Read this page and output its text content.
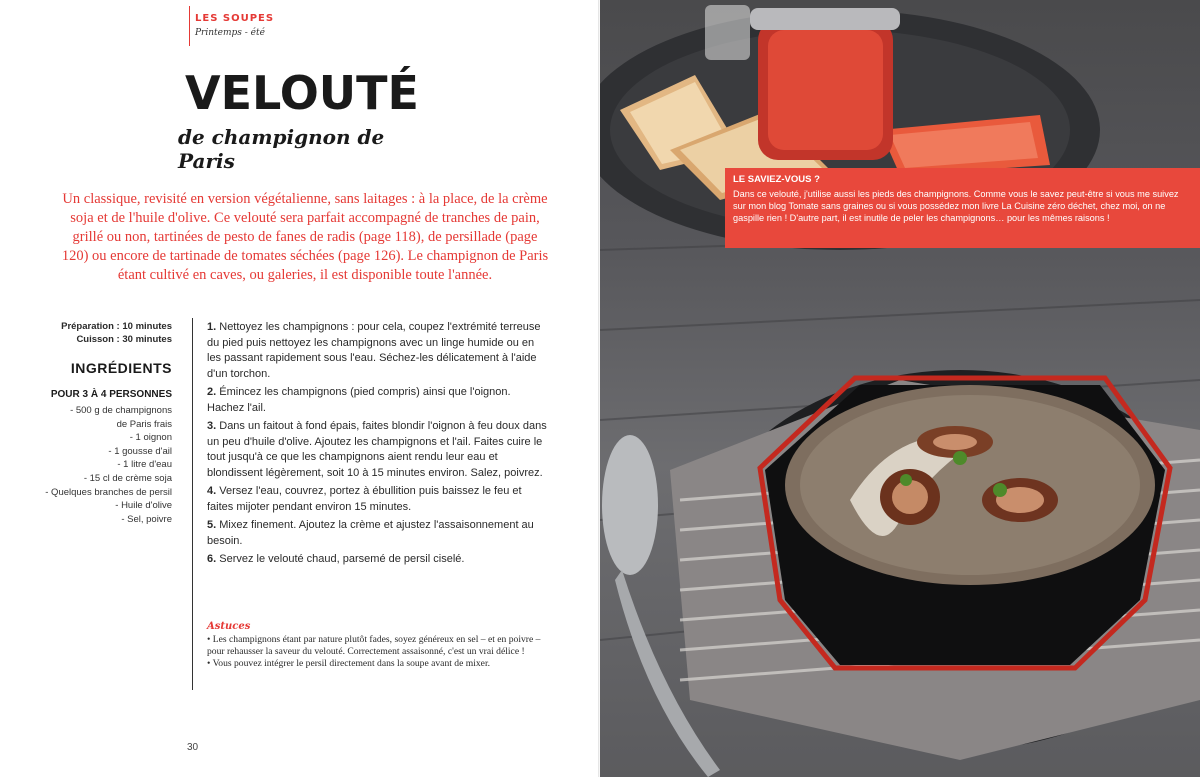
LES SOUPES
Printemps - été
VELOUTÉ
de champignon de Paris
Un classique, revisité en version végétalienne, sans laitages : à la place, de la crème soja et de l'huile d'olive. Ce velouté sera parfait accompagné de tranches de pain, grillé ou non, tartinées de pesto de fanes de radis (page 118), de persillade (page 120) ou encore de tartinade de tomates séchées (page 126). Le champignon de Paris étant cultivé en caves, ou galeries, il est disponible toute l'année.
Préparation : 10 minutes
Cuisson : 30 minutes
INGRÉDIENTS
POUR 3 À 4 PERSONNES
- 500 g de champignons
de Paris frais
- 1 oignon
- 1 gousse d'ail
- 1 litre d'eau
- 15 cl de crème soja
- Quelques branches de persil
- Huile d'olive
- Sel, poivre
1. Nettoyez les champignons : pour cela, coupez l'extrémité terreuse du pied puis nettoyez les champignons avec un linge humide ou en les passant rapidement sous l'eau. Séchez-les délicatement à l'aide d'un torchon.
2. Émincez les champignons (pied compris) ainsi que l'oignon. Hachez l'ail.
3. Dans un faitout à fond épais, faites blondir l'oignon à feu doux dans un peu d'huile d'olive. Ajoutez les champignons et l'ail. Faites cuire le tout jusqu'à ce que les champignons aient rendu leur eau et blondissent légèrement, soit 10 à 15 minutes environ. Salez, poivrez.
4. Versez l'eau, couvrez, portez à ébullition puis baissez le feu et faites mijoter pendant environ 15 minutes.
5. Mixez finement. Ajoutez la crème et ajustez l'assaisonnement au besoin.
6. Servez le velouté chaud, parsemé de persil ciselé.
Astuces
• Les champignons étant par nature plutôt fades, soyez généreux en sel – et en poivre – pour rehausser la saveur du velouté. Correctement assaisonné, c'est un vrai délice !
• Vous pouvez intégrer le persil directement dans la soupe avant de mixer.
30
LE SAVIEZ-VOUS ?
Dans ce velouté, j'utilise aussi les pieds des champignons. Comme vous le savez peut-être si vous me suivez sur mon blog Tomate sans graines ou si vous possédez mon livre La Cuisine zéro déchet, chez moi, on ne gaspille rien ! D'autre part, il est inutile de peler les champignons… pour les mêmes raisons !
